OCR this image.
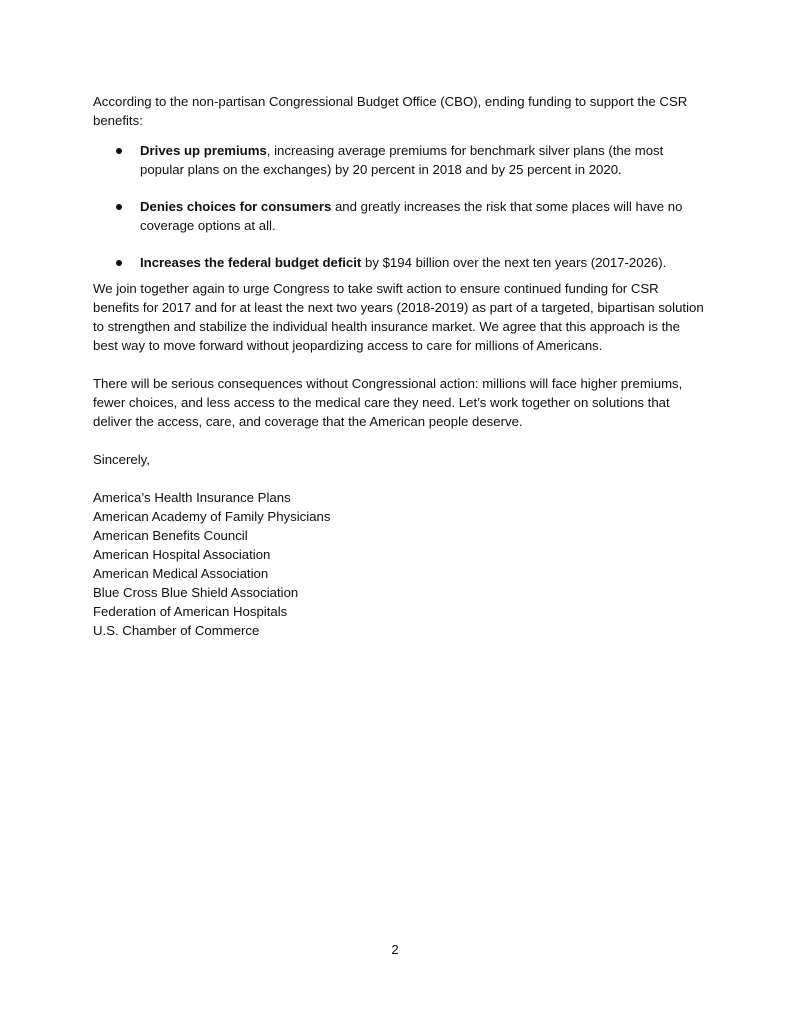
According to the non-partisan Congressional Budget Office (CBO), ending funding to support the CSR benefits:

Drives up premiums, increasing average premiums for benchmark silver plans (the most popular plans on the exchanges) by 20 percent in 2018 and by 25 percent in 2020.
Denies choices for consumers and greatly increases the risk that some places will have no coverage options at all.
Increases the federal budget deficit by $194 billion over the next ten years (2017-2026).

We join together again to urge Congress to take swift action to ensure continued funding for CSR benefits for 2017 and for at least the next two years (2018-2019) as part of a targeted, bipartisan solution to strengthen and stabilize the individual health insurance market. We agree that this approach is the best way to move forward without jeopardizing access to care for millions of Americans.

There will be serious consequences without Congressional action: millions will face higher premiums, fewer choices, and less access to the medical care they need. Let’s work together on solutions that deliver the access, care, and coverage that the American people deserve.

Sincerely,

America’s Health Insurance Plans
American Academy of Family Physicians
American Benefits Council
American Hospital Association
American Medical Association
Blue Cross Blue Shield Association
Federation of American Hospitals
U.S. Chamber of Commerce
2
